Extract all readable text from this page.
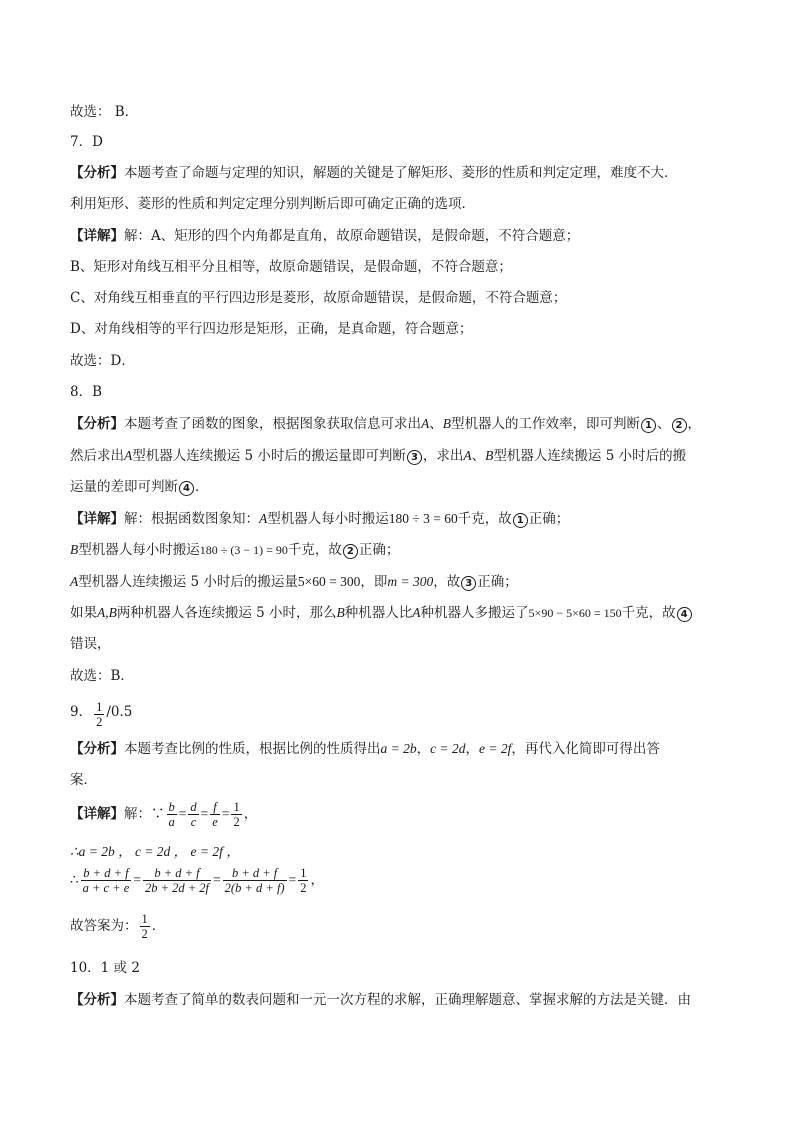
故选： B．
7．D
【分析】本题考查了命题与定理的知识，解题的关键是了解矩形、菱形的性质和判定定理，难度不大．
利用矩形、菱形的性质和判定定理分别判断后即可确定正确的选项．
【详解】解：A、矩形的四个内角都是直角，故原命题错误，是假命题，不符合题意；
B、矩形对角线互相平分且相等，故原命题错误，是假命题，不符合题意；
C、对角线互相垂直的平行四边形是菱形，故原命题错误，是假命题，不符合题意；
D、对角线相等的平行四边形是矩形，正确，是真命题，符合题意；
故选：D．
8．B
【分析】本题考查了函数的图象，根据图象获取信息可求出A、B型机器人的工作效率，即可判断 1 、 2 ，
然后求出A型机器人连续搬运 5 小时后的搬运量即可判断 3 ，求出A、B型机器人连续搬运 5 小时后的搬
运量的差即可判断 4 ．
【详解】解：根据函数图象知：A型机器人每小时搬运180 ÷ 3 = 60千克，故 1 正确；
B型机器人每小时搬运180 ÷ (3 − 1) = 90千克，故 2 正确；
A型机器人连续搬运 5 小时后的搬运量5×60 = 300，即m = 300，故 3 正确；
如果A,B两种机器人各连续搬运 5 小时，那么B种机器人比A种机器人多搬运了5×90 − 5×60 = 150千克，故 4
错误，
故选：B．
9． $\frac{1}{2} /0.5$
【分析】本题考查比例的性质，根据比例的性质得出a = 2b，c = 2d，e = 2f，再代入化简即可得出答
案．
【详解】解：∵ $\frac{b}{a} = \frac{d}{c} = \frac{f}{e} = \frac{1}{2}$ ，
∴a = 2b ， c = 2d ， e = 2f ，
∴ $\frac{b + d + f}{a + c + e} = \frac{b + d + f}{2b + 2d + 2f} = \frac{b + d + f}{2(b + d + f)} = \frac{1}{2}$ ，
故答案为： $\frac{1}{2}$ ．
10．1 或 2
【分析】本题考查了简单的数表问题和一元一次方程的求解，正确理解题意、掌握求解的方法是关键．由
